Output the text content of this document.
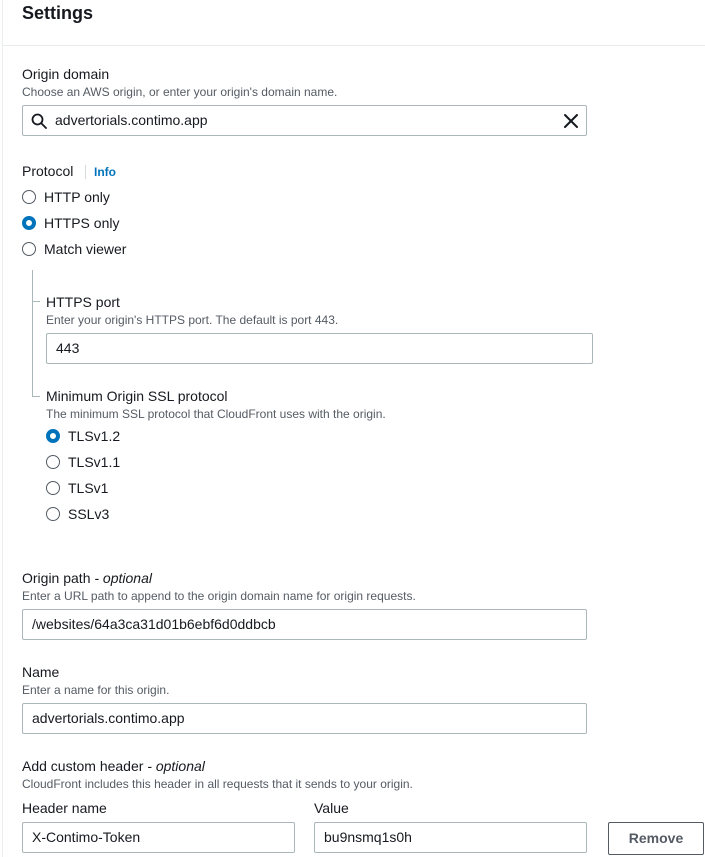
Settings
Origin domain
Choose an AWS origin, or enter your origin's domain name.
advertorials.contimo.app
Protocol	Info
HTTP only
HTTPS only
Match viewer
HTTPS port
Enter your origin's HTTPS port. The default is port 443.
443
Minimum Origin SSL protocol
The minimum SSL protocol that CloudFront uses with the origin.
TLSv1.2
TLSv1.1
TLSv1
SSLv3
Origin path - optional
Enter a URL path to append to the origin domain name for origin requests.
/websites/64a3ca31d01b6ebf6d0ddbcb
Name
Enter a name for this origin.
advertorials.contimo.app
Add custom header - optional
CloudFront includes this header in all requests that it sends to your origin.
Header name	Value
X-Contimo-Token	bu9nsmq1s0h	Remove
